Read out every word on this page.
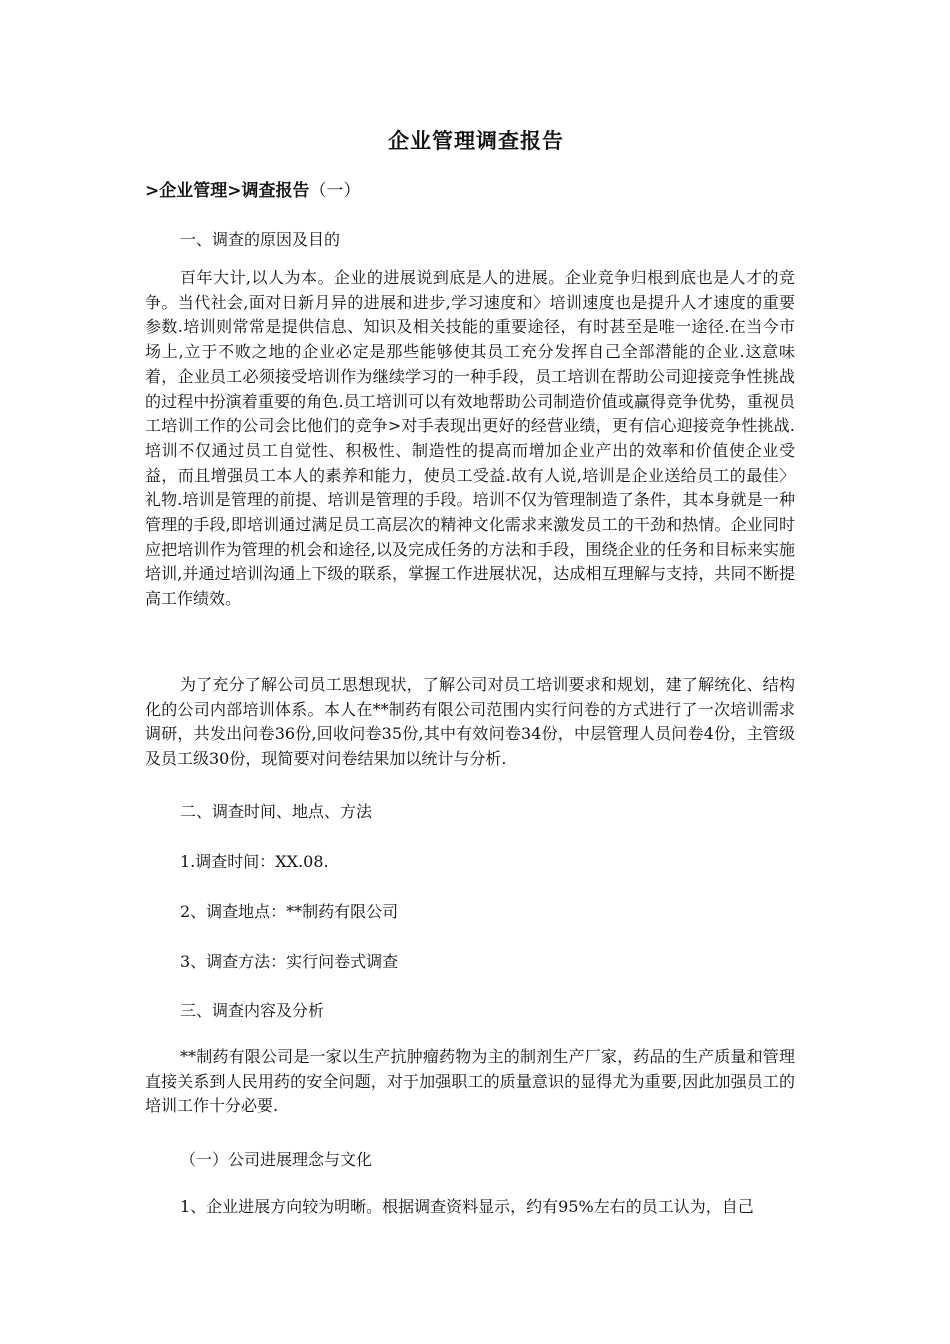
企业管理调查报告

>企业管理>调查报告（一）

一、调查的原因及目的

百年大计,以人为本。企业的进展说到底是人的进展。企业竞争归根到底也是人才的竞争。当代社会,面对日新月异的进展和进步,学习速度和〉培训速度也是提升人才速度的重要参数.培训则常常是提供信息、知识及相关技能的重要途径，有时甚至是唯一途径.在当今市场上,立于不败之地的企业必定是那些能够使其员工充分发挥自己全部潜能的企业.这意味着，企业员工必须接受培训作为继续学习的一种手段，员工培训在帮助公司迎接竞争性挑战的过程中扮演着重要的角色.员工培训可以有效地帮助公司制造价值或赢得竞争优势，重视员工培训工作的公司会比他们的竞争>对手表现出更好的经营业绩，更有信心迎接竞争性挑战.培训不仅通过员工自觉性、积极性、制造性的提高而增加企业产出的效率和价值使企业受益，而且增强员工本人的素养和能力，使员工受益.故有人说,培训是企业送给员工的最佳〉礼物.培训是管理的前提、培训是管理的手段。培训不仅为管理制造了条件，其本身就是一种管理的手段,即培训通过满足员工高层次的精神文化需求来激发员工的干劲和热情。企业同时应把培训作为管理的机会和途径,以及完成任务的方法和手段，围绕企业的任务和目标来实施培训,并通过培训沟通上下级的联系，掌握工作进展状况，达成相互理解与支持，共同不断提高工作绩效。

为了充分了解公司员工思想现状，了解公司对员工培训要求和规划，建了解统化、结构化的公司内部培训体系。本人在**制药有限公司范围内实行问卷的方式进行了一次培训需求调研，共发出问卷36份,回收问卷35份,其中有效问卷34份，中层管理人员问卷4份，主管级及员工级30份，现简要对问卷结果加以统计与分析.

二、调查时间、地点、方法

1.调查时间：XX.08.

2、调查地点：**制药有限公司

3、调查方法：实行问卷式调查

三、调查内容及分析

**制药有限公司是一家以生产抗肿瘤药物为主的制剂生产厂家，药品的生产质量和管理直接关系到人民用药的安全问题，对于加强职工的质量意识的显得尤为重要,因此加强员工的培训工作十分必要.

（一）公司进展理念与文化

1、企业进展方向较为明晰。根据调查资料显示，约有95%左右的员工认为，自己
